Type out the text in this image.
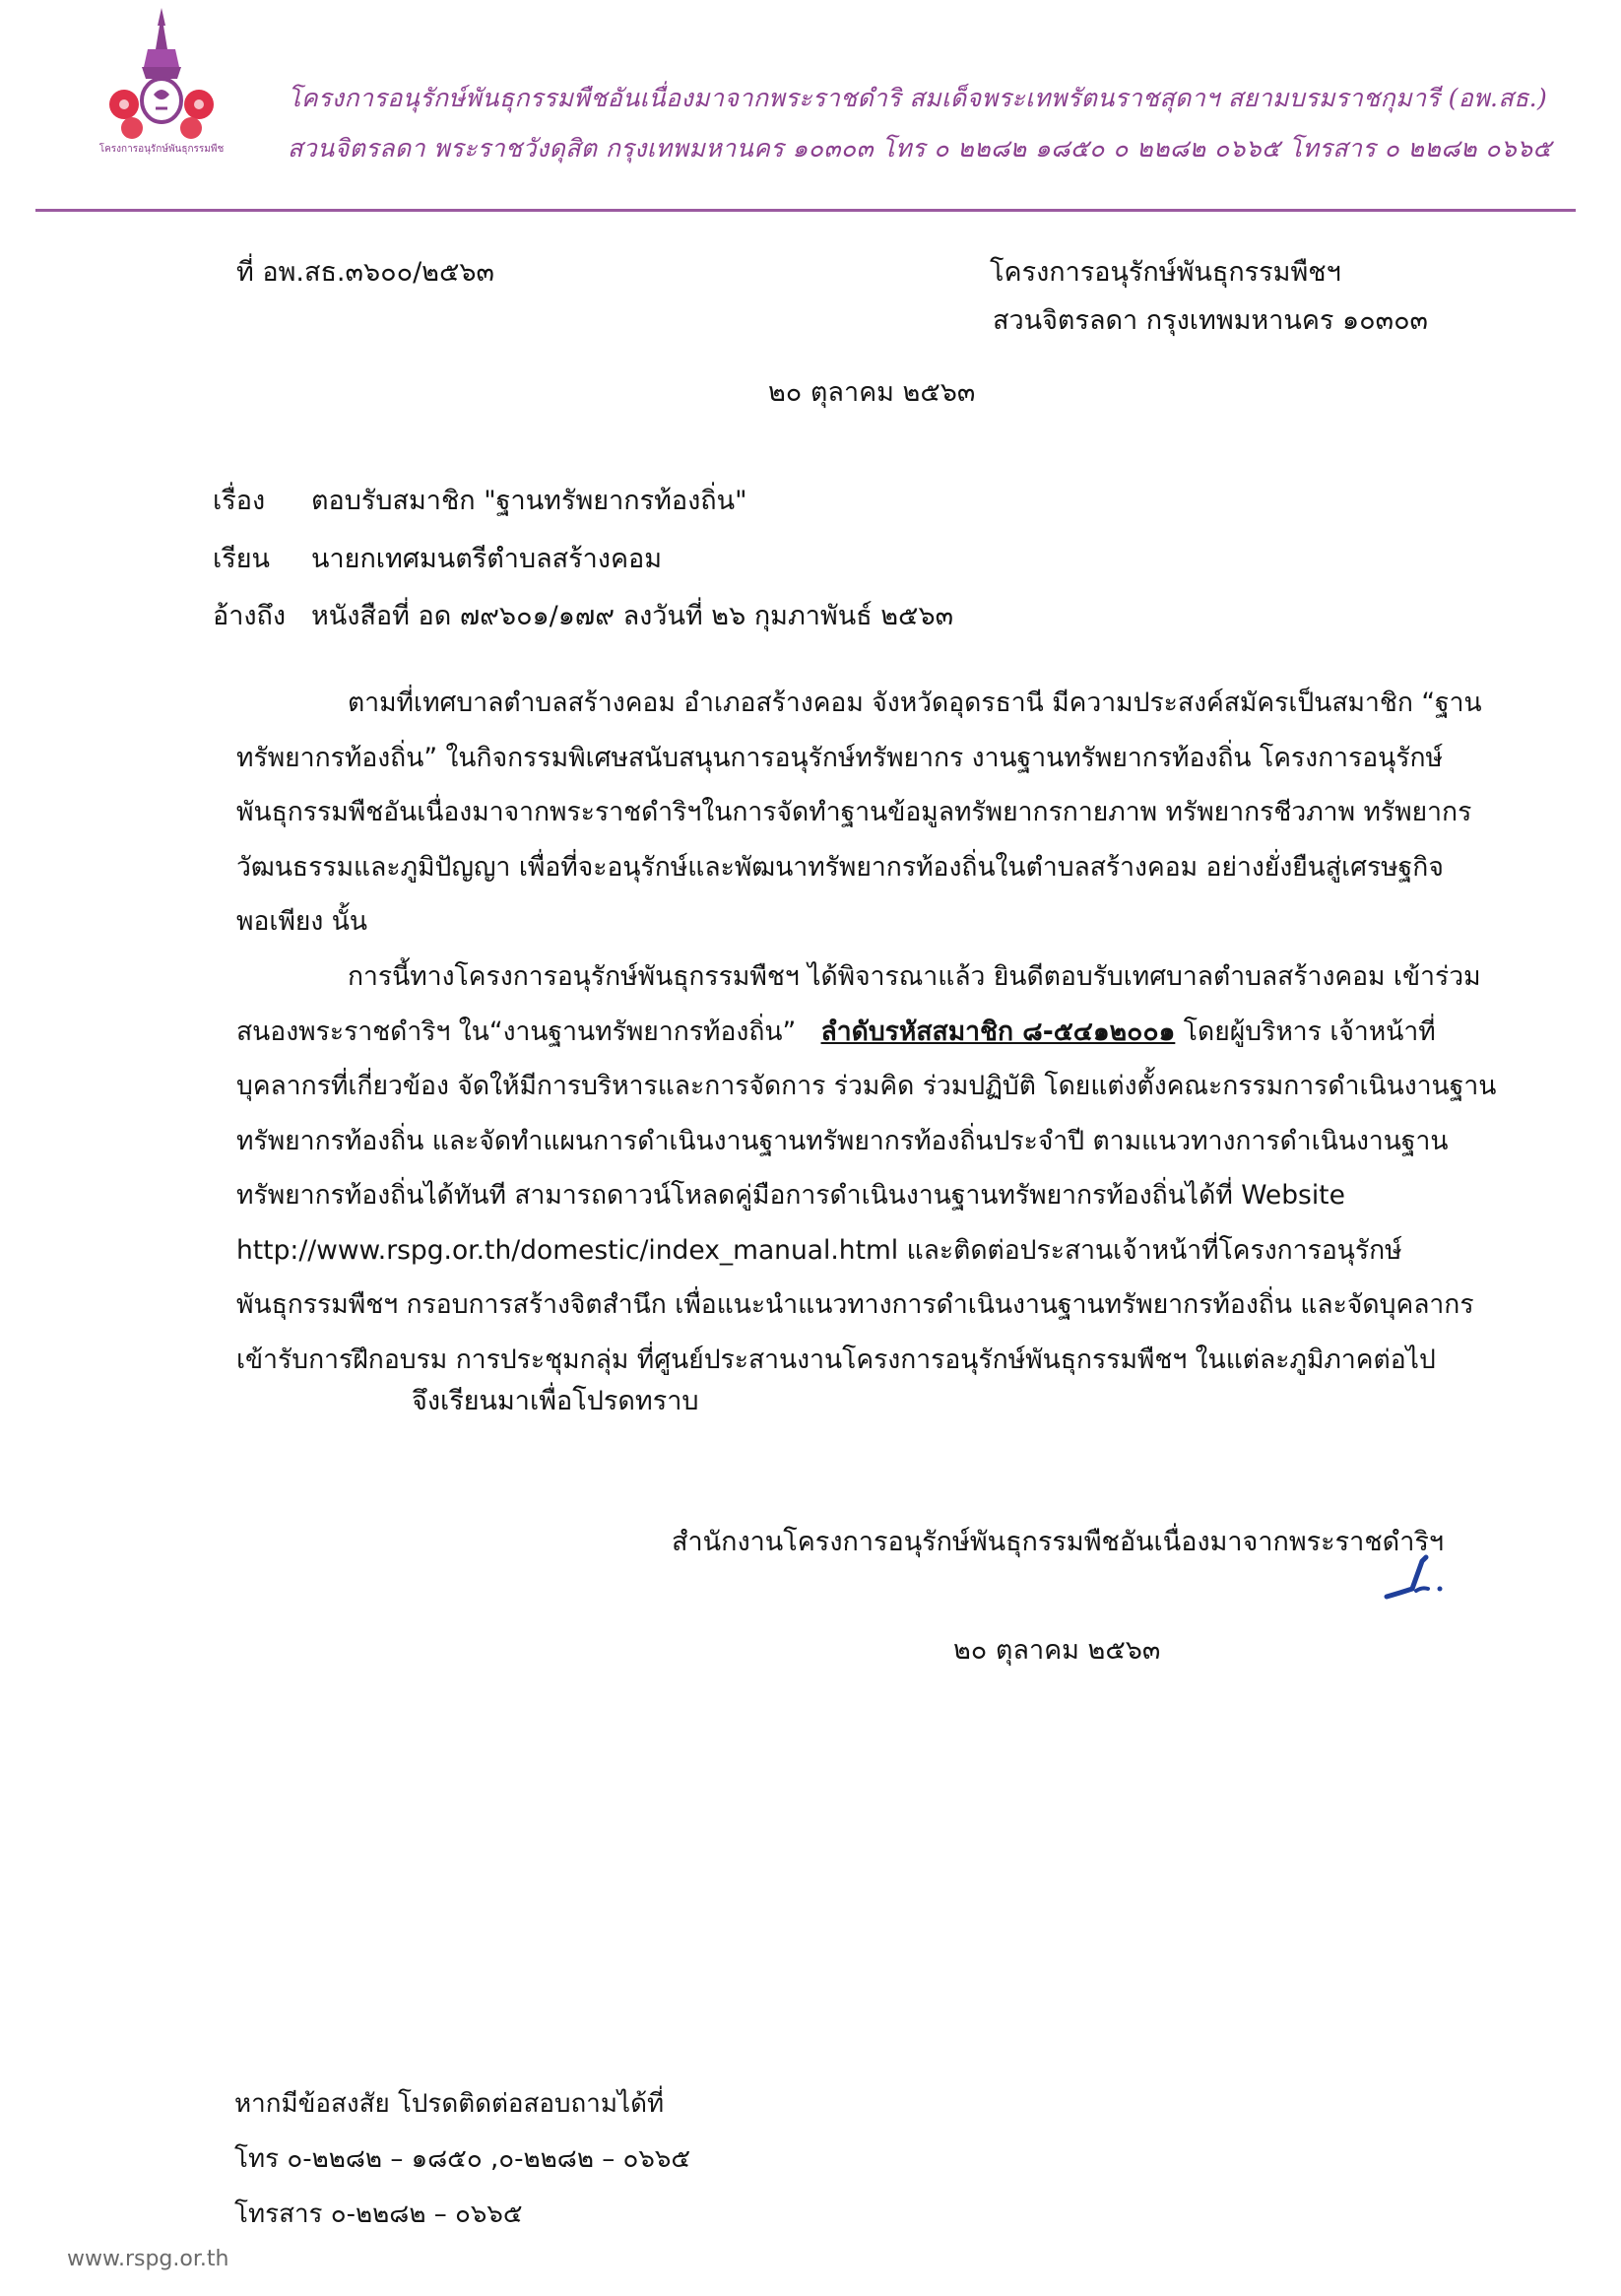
โครงการอนุรักษ์พันธุกรรมพืช

โครงการอนุรักษ์พันธุกรรมพืชอันเนื่องมาจากพระราชดำริ สมเด็จพระเทพรัตนราชสุดาฯ สยามบรมราชกุมารี (อพ.สธ.)

สวนจิตรลดา พระราชวังดุสิต กรุงเทพมหานคร ๑๐๓๐๓ โทร ๐ ๒๒๘๒ ๑๘๕๐ ๐ ๒๒๘๒ ๐๖๖๕ โทรสาร ๐ ๒๒๘๒ ๐๖๖๕

ที่ อพ.สธ.๓๖๐๐/๒๕๖๓	โครงการอนุรักษ์พันธุกรรมพืชฯ

สวนจิตรลดา กรุงเทพมหานคร ๑๐๓๐๓

๒๐ ตุลาคม ๒๕๖๓

เรื่อง ตอบรับสมาชิก "ฐานทรัพยากรท้องถิ่น"

เรียน นายกเทศมนตรีตำบลสร้างคอม

อ้างถึง หนังสือที่ อด ๗๙๖๐๑/๑๗๙ ลงวันที่ ๒๖ กุมภาพันธ์ ๒๕๖๓

ตามที่เทศบาลตำบลสร้างคอม อำเภอสร้างคอม จังหวัดอุดรธานี มีความประสงค์สมัครเป็นสมาชิก “ฐาน
ทรัพยากรท้องถิ่น” ในกิจกรรมพิเศษสนับสนุนการอนุรักษ์ทรัพยากร งานฐานทรัพยากรท้องถิ่น โครงการอนุรักษ์
พันธุกรรมพืชอันเนื่องมาจากพระราชดำริฯในการจัดทำฐานข้อมูลทรัพยากรกายภาพ ทรัพยากรชีวภาพ ทรัพยากร
วัฒนธรรมและภูมิปัญญา เพื่อที่จะอนุรักษ์และพัฒนาทรัพยากรท้องถิ่นในตำบลสร้างคอม อย่างยั่งยืนสู่เศรษฐกิจ
พอเพียง นั้น
การนี้ทางโครงการอนุรักษ์พันธุกรรมพืชฯ ได้พิจารณาแล้ว ยินดีตอบรับเทศบาลตำบลสร้างคอม เข้าร่วม
สนองพระราชดำริฯ ใน“งานฐานทรัพยากรท้องถิ่น” ลำดับรหัสสมาชิก ๘-๕๔๑๒๐๐๑ โดยผู้บริหาร เจ้าหน้าที่
บุคลากรที่เกี่ยวข้อง จัดให้มีการบริหารและการจัดการ ร่วมคิด ร่วมปฏิบัติ โดยแต่งตั้งคณะกรรมการดำเนินงานฐาน
ทรัพยากรท้องถิ่น และจัดทำแผนการดำเนินงานฐานทรัพยากรท้องถิ่นประจำปี ตามแนวทางการดำเนินงานฐาน
ทรัพยากรท้องถิ่นได้ทันที สามารถดาวน์โหลดคู่มือการดำเนินงานฐานทรัพยากรท้องถิ่นได้ที่ Website
http://www.rspg.or.th/domestic/index_manual.html และติดต่อประสานเจ้าหน้าที่โครงการอนุรักษ์
พันธุกรรมพืชฯ กรอบการสร้างจิตสำนึก เพื่อแนะนำแนวทางการดำเนินงานฐานทรัพยากรท้องถิ่น และจัดบุคลากร
เข้ารับการฝึกอบรม การประชุมกลุ่ม ที่ศูนย์ประสานงานโครงการอนุรักษ์พันธุกรรมพืชฯ ในแต่ละภูมิภาคต่อไป

จึงเรียนมาเพื่อโปรดทราบ

สำนักงานโครงการอนุรักษ์พันธุกรรมพืชอันเนื่องมาจากพระราชดำริฯ

๒๐ ตุลาคม ๒๕๖๓

หากมีข้อสงสัย โปรดติดต่อสอบถามได้ที่

โทร ๐-๒๒๘๒ – ๑๘๕๐ ,๐-๒๒๘๒ – ๐๖๖๕

โทรสาร ๐-๒๒๘๒ – ๐๖๖๕

www.rspg.or.th
